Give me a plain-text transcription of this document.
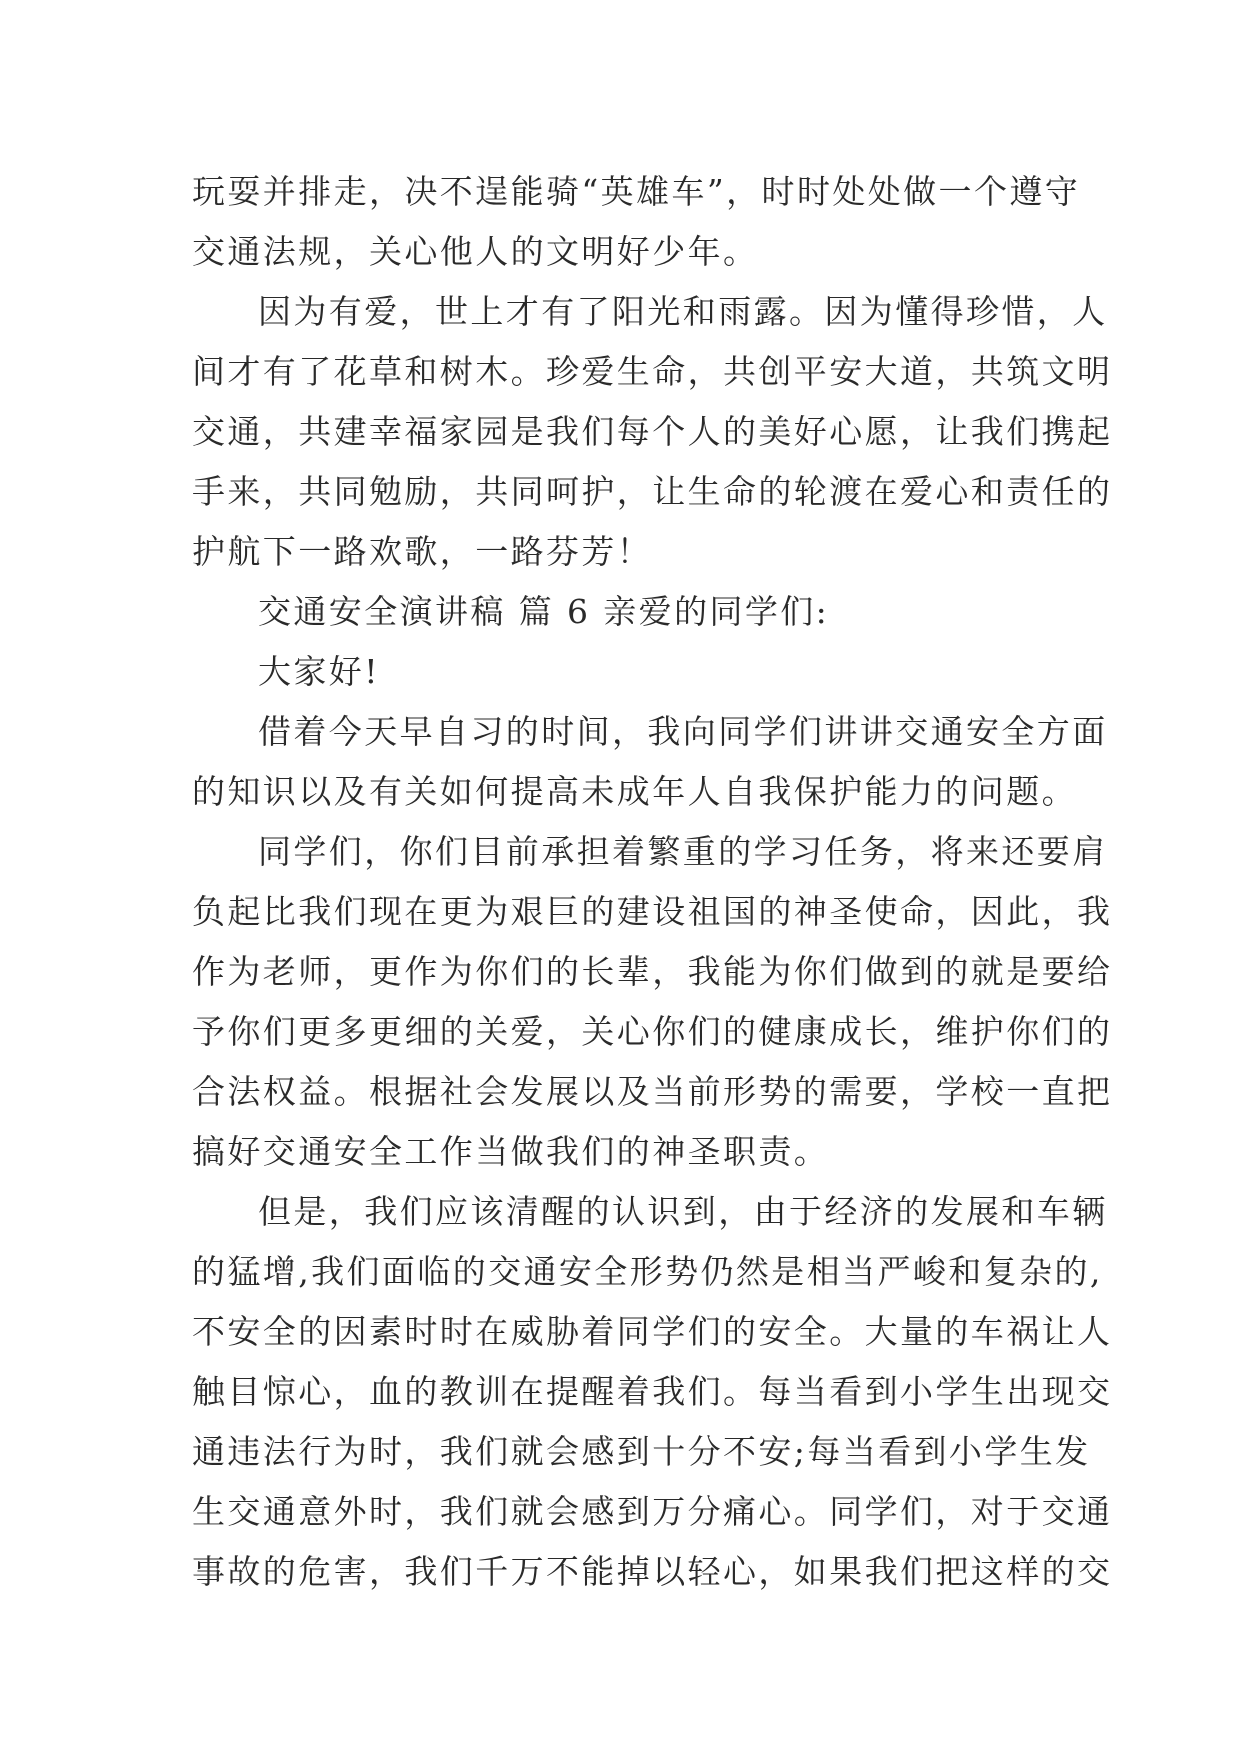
玩耍并排走，决不逞能骑“英雄车”，时时处处做一个遵守
交通法规，关心他人的文明好少年。
因为有爱，世上才有了阳光和雨露。因为懂得珍惜，人
间才有了花草和树木。珍爱生命，共创平安大道，共筑文明
交通，共建幸福家园是我们每个人的美好心愿，让我们携起
手来，共同勉励，共同呵护，让生命的轮渡在爱心和责任的
护航下一路欢歌，一路芬芳！
交通安全演讲稿 篇 6 亲爱的同学们:
大家好!
借着今天早自习的时间，我向同学们讲讲交通安全方面
的知识以及有关如何提高未成年人自我保护能力的问题。
同学们，你们目前承担着繁重的学习任务，将来还要肩
负起比我们现在更为艰巨的建设祖国的神圣使命，因此，我
作为老师，更作为你们的长辈，我能为你们做到的就是要给
予你们更多更细的关爱，关心你们的健康成长，维护你们的
合法权益。根据社会发展以及当前形势的需要，学校一直把
搞好交通安全工作当做我们的神圣职责。
但是，我们应该清醒的认识到，由于经济的发展和车辆
的猛增,我们面临的交通安全形势仍然是相当严峻和复杂的,
不安全的因素时时在威胁着同学们的安全。大量的车祸让人
触目惊心，血的教训在提醒着我们。每当看到小学生出现交
通违法行为时，我们就会感到十分不安;每当看到小学生发
生交通意外时，我们就会感到万分痛心。同学们，对于交通
事故的危害，我们千万不能掉以轻心，如果我们把这样的交
